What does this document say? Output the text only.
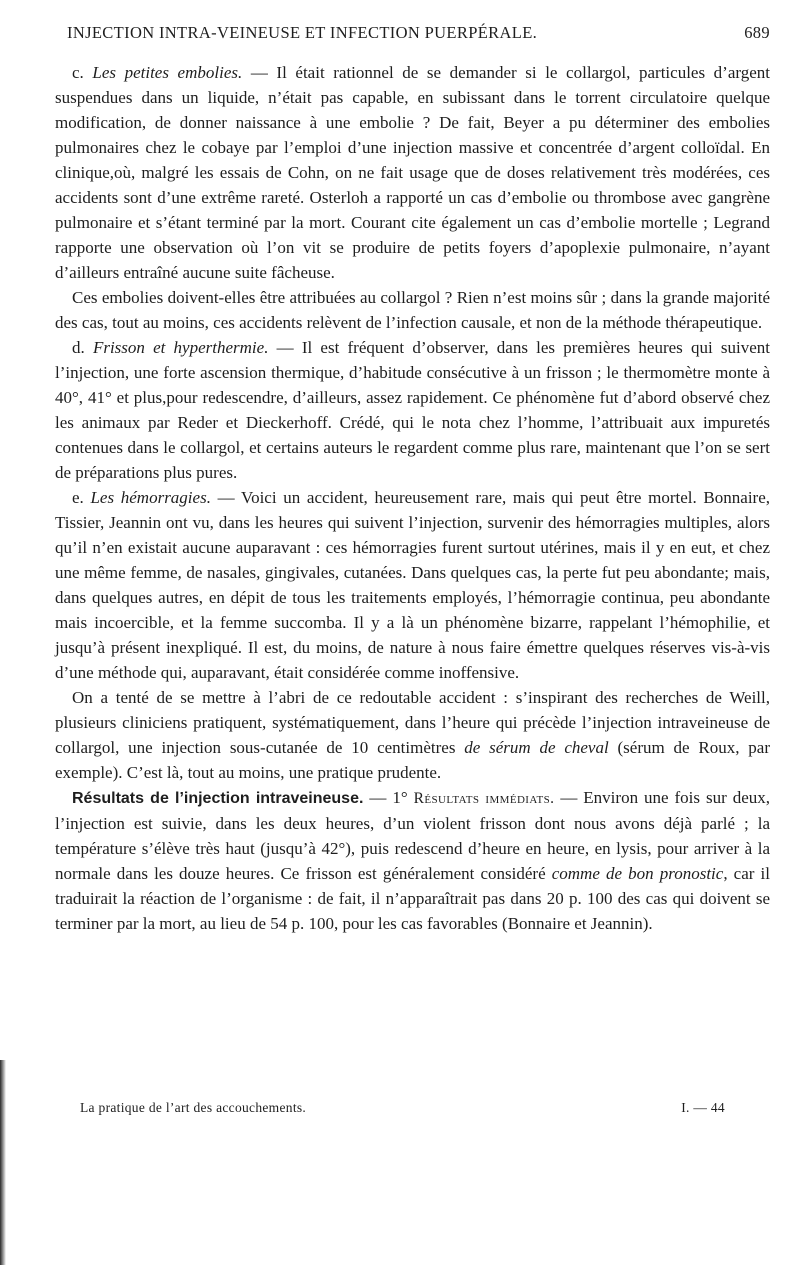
INJECTION INTRA-VEINEUSE ET INFECTION PUERPÉRALE.	689

c. Les petites embolies. — Il était rationnel de se demander si le collargol, particules d’argent suspendues dans un liquide, n’était pas capable, en subissant dans le torrent circulatoire quelque modification, de donner naissance à une embolie ? De fait, Beyer a pu déterminer des embolies pulmonaires chez le cobaye par l’emploi d’une injection massive et concentrée d’argent colloïdal. En clinique,où, malgré les essais de Cohn, on ne fait usage que de doses relativement très modérées, ces accidents sont d’une extrême rareté. Osterloh a rapporté un cas d’embolie ou thrombose avec gangrène pulmonaire et s’étant terminé par la mort. Courant cite également un cas d’embolie mortelle ; Legrand rapporte une observation où l’on vit se produire de petits foyers d’apoplexie pulmonaire, n’ayant d’ailleurs entraîné aucune suite fâcheuse.

Ces embolies doivent-elles être attribuées au collargol ? Rien n’est moins sûr ; dans la grande majorité des cas, tout au moins, ces accidents relèvent de l’infection causale, et non de la méthode thérapeutique.

d. Frisson et hyperthermie. — Il est fréquent d’observer, dans les premières heures qui suivent l’injection, une forte ascension thermique, d’habitude consécutive à un frisson ; le thermomètre monte à 40°, 41° et plus,pour redescendre, d’ailleurs, assez rapidement. Ce phénomène fut d’abord observé chez les animaux par Reder et Dieckerhoff. Crédé, qui le nota chez l’homme, l’attribuait aux impuretés contenues dans le collargol, et certains auteurs le regardent comme plus rare, maintenant que l’on se sert de préparations plus pures.

e. Les hémorragies. — Voici un accident, heureusement rare, mais qui peut être mortel. Bonnaire, Tissier, Jeannin ont vu, dans les heures qui suivent l’injection, survenir des hémorragies multiples, alors qu’il n’en existait aucune auparavant : ces hémorragies furent surtout utérines, mais il y en eut, et chez une même femme, de nasales, gingivales, cutanées. Dans quelques cas, la perte fut peu abondante; mais, dans quelques autres, en dépit de tous les traitements employés, l’hémorragie continua, peu abondante mais incoercible, et la femme succomba. Il y a là un phénomène bizarre, rappelant l’hémophilie, et jusqu’à présent inexpliqué. Il est, du moins, de nature à nous faire émettre quelques réserves vis-à-vis d’une méthode qui, auparavant, était considérée comme inoffensive.

On a tenté de se mettre à l’abri de ce redoutable accident : s’inspirant des recherches de Weill, plusieurs cliniciens pratiquent, systématiquement, dans l’heure qui précède l’injection intraveineuse de collargol, une injection sous-cutanée de 10 centimètres de sérum de cheval (sérum de Roux, par exemple). C’est là, tout au moins, une pratique prudente.

Résultats de l’injection intraveineuse. — 1° Résultats immédiats. — Environ une fois sur deux, l’injection est suivie, dans les deux heures, d’un violent frisson dont nous avons déjà parlé ; la température s’élève très haut (jusqu’à 42°), puis redescend d’heure en heure, en lysis, pour arriver à la normale dans les douze heures. Ce frisson est généralement considéré comme de bon pronostic, car il traduirait la réaction de l’organisme : de fait, il n’apparaîtrait pas dans 20 p. 100 des cas qui doivent se terminer par la mort, au lieu de 54 p. 100, pour les cas favorables (Bonnaire et Jeannin).

La pratique de l’art des accouchements.	I. — 44
